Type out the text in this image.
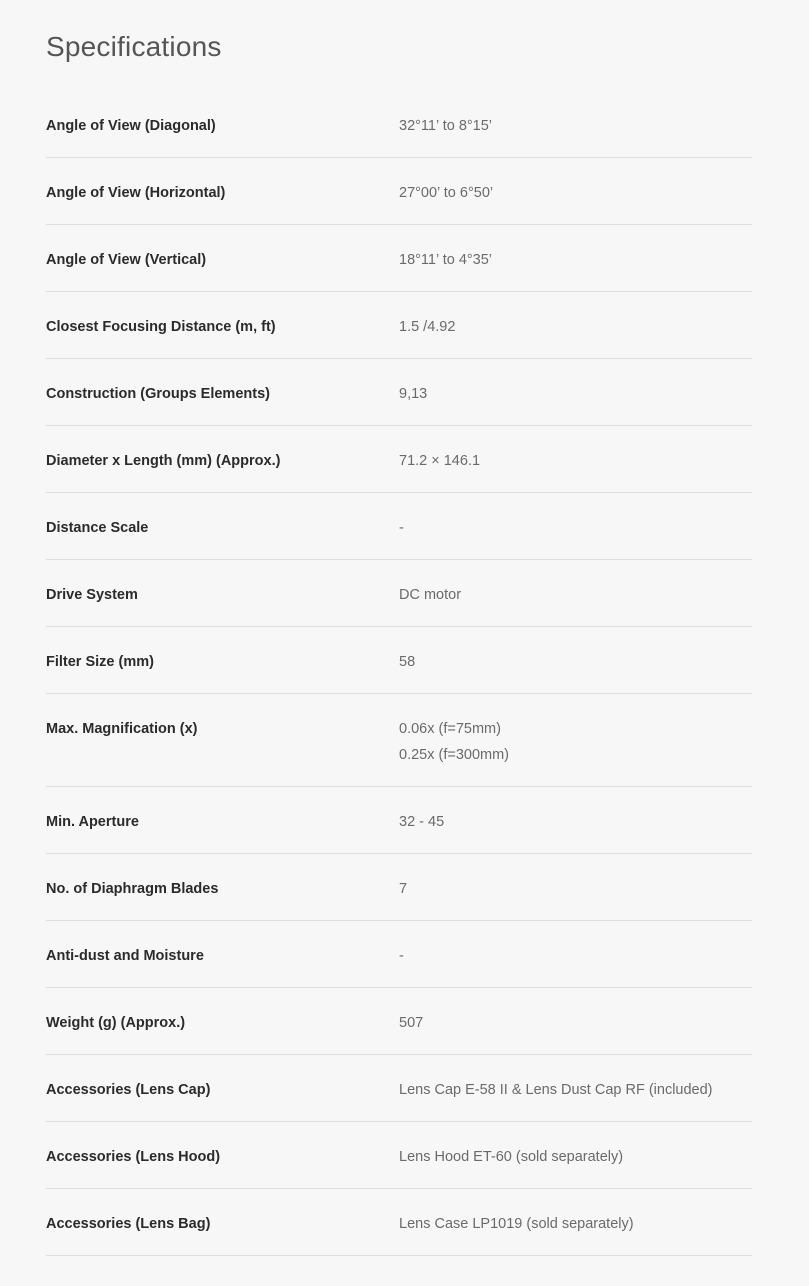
Specifications
Angle of View (Diagonal)	32°11’ to 8°15’
Angle of View (Horizontal)	27°00’ to 6°50’
Angle of View (Vertical)	18°11’ to 4°35’
Closest Focusing Distance (m, ft)	1.5 /4.92
Construction (Groups Elements)	9,13
Diameter x Length (mm) (Approx.)	71.2 × 146.1
Distance Scale	-
Drive System	DC motor
Filter Size (mm)	58
Max. Magnification (x)	0.06x (f=75mm)
0.25x (f=300mm)
Min. Aperture	32 - 45
No. of Diaphragm Blades	7
Anti-dust and Moisture	-
Weight (g) (Approx.)	507
Accessories (Lens Cap)	Lens Cap E-58 II & Lens Dust Cap RF (included)
Accessories (Lens Hood)	Lens Hood ET-60 (sold separately)
Accessories (Lens Bag)	Lens Case LP1019 (sold separately)
